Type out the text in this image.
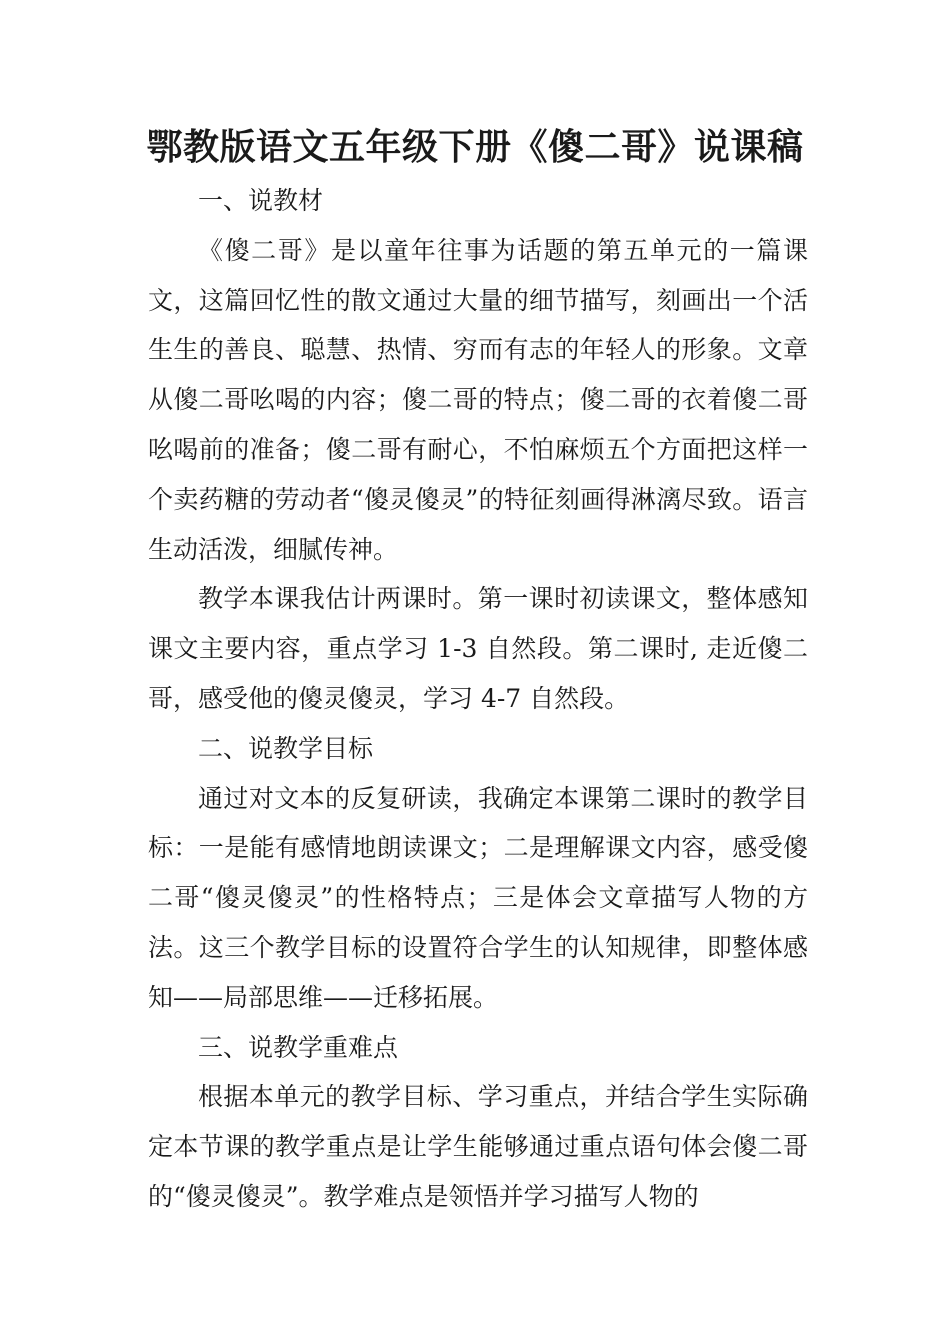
鄂教版语文五年级下册《傻二哥》说课稿

一、说教材

《傻二哥》是以童年往事为话题的第五单元的一篇课文，这篇回忆性的散文通过大量的细节描写，刻画出一个活生生的善良、聪慧、热情、穷而有志的年轻人的形象。文章从傻二哥吆喝的内容；傻二哥的特点；傻二哥的衣着傻二哥吆喝前的准备；傻二哥有耐心，不怕麻烦五个方面把这样一个卖药糖的劳动者“傻灵傻灵”的特征刻画得淋漓尽致。语言生动活泼，细腻传神。

教学本课我估计两课时。第一课时初读课文，整体感知课文主要内容，重点学习 1-3 自然段。第二课时, 走近傻二哥，感受他的傻灵傻灵，学习 4-7 自然段。

二、说教学目标

通过对文本的反复研读，我确定本课第二课时的教学目标：一是能有感情地朗读课文；二是理解课文内容，感受傻二哥“傻灵傻灵”的性格特点；三是体会文章描写人物的方法。这三个教学目标的设置符合学生的认知规律，即整体感知——局部思维——迁移拓展。

三、说教学重难点

根据本单元的教学目标、学习重点，并结合学生实际确定本节课的教学重点是让学生能够通过重点语句体会傻二哥的“傻灵傻灵”。教学难点是领悟并学习描写人物的
